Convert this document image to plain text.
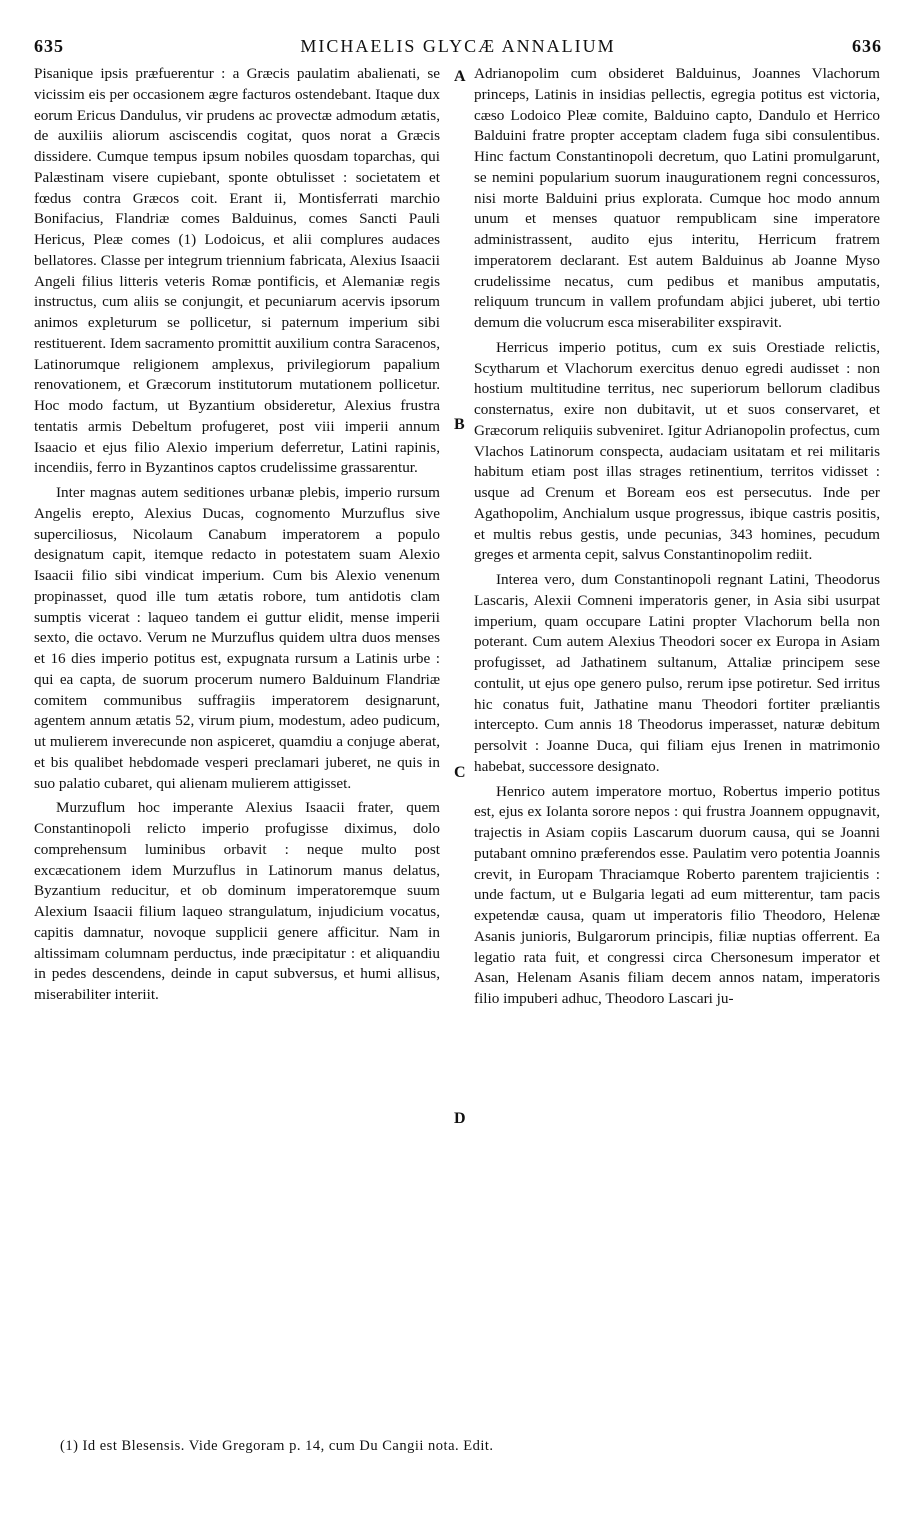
635	MICHAELIS GLYCÆ ANNALIUM	636

Pisanique ipsis præfuerentur : a Græcis paulatim abalienati, se vicissim eis per occasionem ægre facturos ostendebant. Itaque dux eorum Ericus Dandulus, vir prudens ac provectæ admodum ætatis, de auxiliis aliorum asciscendis cogitat, quos norat a Græcis dissidere. Cumque tempus ipsum nobiles quosdam toparchas, qui Palæstinam visere cupiebant, sponte obtulisset : societatem et fœdus contra Græcos coit. Erant ii, Montisferrati marchio Bonifacius, Flandriæ comes Balduinus, comes Sancti Pauli Hericus, Pleæ comes (1) Lodoicus, et alii complures audaces bellatores. Classe per integrum triennium fabricata, Alexius Isaacii Angeli filius litteris veteris Romæ pontificis, et Alemaniæ regis instructus, cum aliis se conjungit, et pecuniarum acervis ipsorum animos expleturum se pollicetur, si paternum imperium sibi restituerent. Idem sacramento promittit auxilium contra Saracenos, Latinorumque religionem amplexus, privilegiorum papalium renovationem, et Græcorum institutorum mutationem pollicetur. Hoc modo factum, ut Byzantium obsideretur, Alexius frustra tentatis armis Debeltum profugeret, post viii imperii annum Isaacio et ejus filio Alexio imperium deferretur, Latini rapinis, incendiis, ferro in Byzantinos captos crudelissime grassarentur.

Inter magnas autem seditiones urbanæ plebis, imperio rursum Angelis erepto, Alexius Ducas, cognomento Murzuflus sive superciliosus, Nicolaum Canabum imperatorem a populo designatum capit, itemque redacto in potestatem suam Alexio Isaacii filio sibi vindicat imperium. Cum bis Alexio venenum propinasset, quod ille tum ætatis robore, tum antidotis clam sumptis vicerat : laqueo tandem ei guttur elidit, mense imperii sexto, die octavo. Verum ne Murzuflus quidem ultra duos menses et 16 dies imperio potitus est, expugnata rursum a Latinis urbe : qui ea capta, de suorum procerum numero Balduinum Flandriæ comitem communibus suffragiis imperatorem designarunt, agentem annum ætatis 52, virum pium, modestum, adeo pudicum, ut mulierem inverecunde non aspiceret, quamdiu a conjuge aberat, et bis qualibet hebdomade vesperi preclamari juberet, ne quis in suo palatio cubaret, qui alienam mulierem attigisset.

Murzuflum hoc imperante Alexius Isaacii frater, quem Constantinopoli relicto imperio profugisse diximus, dolo comprehensum luminibus orbavit : neque multo post excæcationem idem Murzuflus in Latinorum manus delatus, Byzantium reducitur, et ob dominum imperatoremque suum Alexium Isaacii filium laqueo strangulatum, injudicium vocatus, capitis damnatur, novoque supplicii genere afficitur. Nam in altissimam columnam perductus, inde præcipitatur : et aliquandiu in pedes descendens, deinde in caput subversus, et humi allisus, miserabiliter interiit.

Adrianopolim cum obsideret Balduinus, Joannes Vlachorum princeps, Latinis in insidias pellectis, egregia potitus est victoria, cæso Lodoico Pleæ comite, Balduino capto, Dandulo et Herrico Balduini fratre propter acceptam cladem fuga sibi consulentibus. Hinc factum Constantinopoli decretum, quo Latini promulgarunt, se nemini popularium suorum inaugurationem regni concessuros, nisi morte Balduini prius explorata. Cumque hoc modo annum unum et menses quatuor rempublicam sine imperatore administrassent, audito ejus interitu, Herricum fratrem imperatorem declarant. Est autem Balduinus ab Joanne Myso crudelissime necatus, cum pedibus et manibus amputatis, reliquum truncum in vallem profundam abjici juberet, ubi tertio demum die volucrum esca miserabiliter exspiravit.

Herricus imperio potitus, cum ex suis Orestiade relictis, Scytharum et Vlachorum exercitus denuo egredi audisset : non hostium multitudine territus, nec superiorum bellorum cladibus consternatus, exire non dubitavit, ut et suos conservaret, et Græcorum reliquiis subveniret. Igitur Adrianopolin profectus, cum Vlachos Latinorum conspecta, audaciam usitatam et rei militaris habitum etiam post illas strages retinentium, territos vidisset : usque ad Crenum et Boream eos est persecutus. Inde per Agathopolim, Anchialum usque progressus, ibique castris positis, et multis rebus gestis, unde pecunias, 343 homines, pecudum greges et armenta cepit, salvus Constantinopolim rediit.

Interea vero, dum Constantinopoli regnant Latini, Theodorus Lascaris, Alexii Comneni imperatoris gener, in Asia sibi usurpat imperium, quam occupare Latini propter Vlachorum bella non poterant. Cum autem Alexius Theodori socer ex Europa in Asiam profugisset, ad Jathatinem sultanum, Attaliæ principem sese contulit, ut ejus ope genero pulso, rerum ipse potiretur. Sed irritus hic conatus fuit, Jathatine manu Theodori fortiter præliantis intercepto. Cum annis 18 Theodorus imperasset, naturæ debitum persolvit : Joanne Duca, qui filiam ejus Irenen in matrimonio habebat, successore designato.

Henrico autem imperatore mortuo, Robertus imperio potitus est, ejus ex Iolanta sorore nepos : qui frustra Joannem oppugnavit, trajectis in Asiam copiis Lascarum duorum causa, qui se Joanni putabant omnino præferendos esse. Paulatim vero potentia Joannis crevit, in Europam Thraciamque Roberto parentem trajicientis : unde factum, ut e Bulgaria legati ad eum mitterentur, tam pacis expetendæ causa, quam ut imperatoris filio Theodoro, Helenæ Asanis junioris, Bulgarorum principis, filiæ nuptias offerrent. Ea legatio rata fuit, et congressi circa Chersonesum imperator et Asan, Helenam Asanis filiam decem annos natam, imperatoris filio impuberi adhuc, Theodoro Lascari ju-

A
B
C
D
(1) Id est Blesensis. Vide Gregoram p. 14, cum Du Cangii nota. Edit.
